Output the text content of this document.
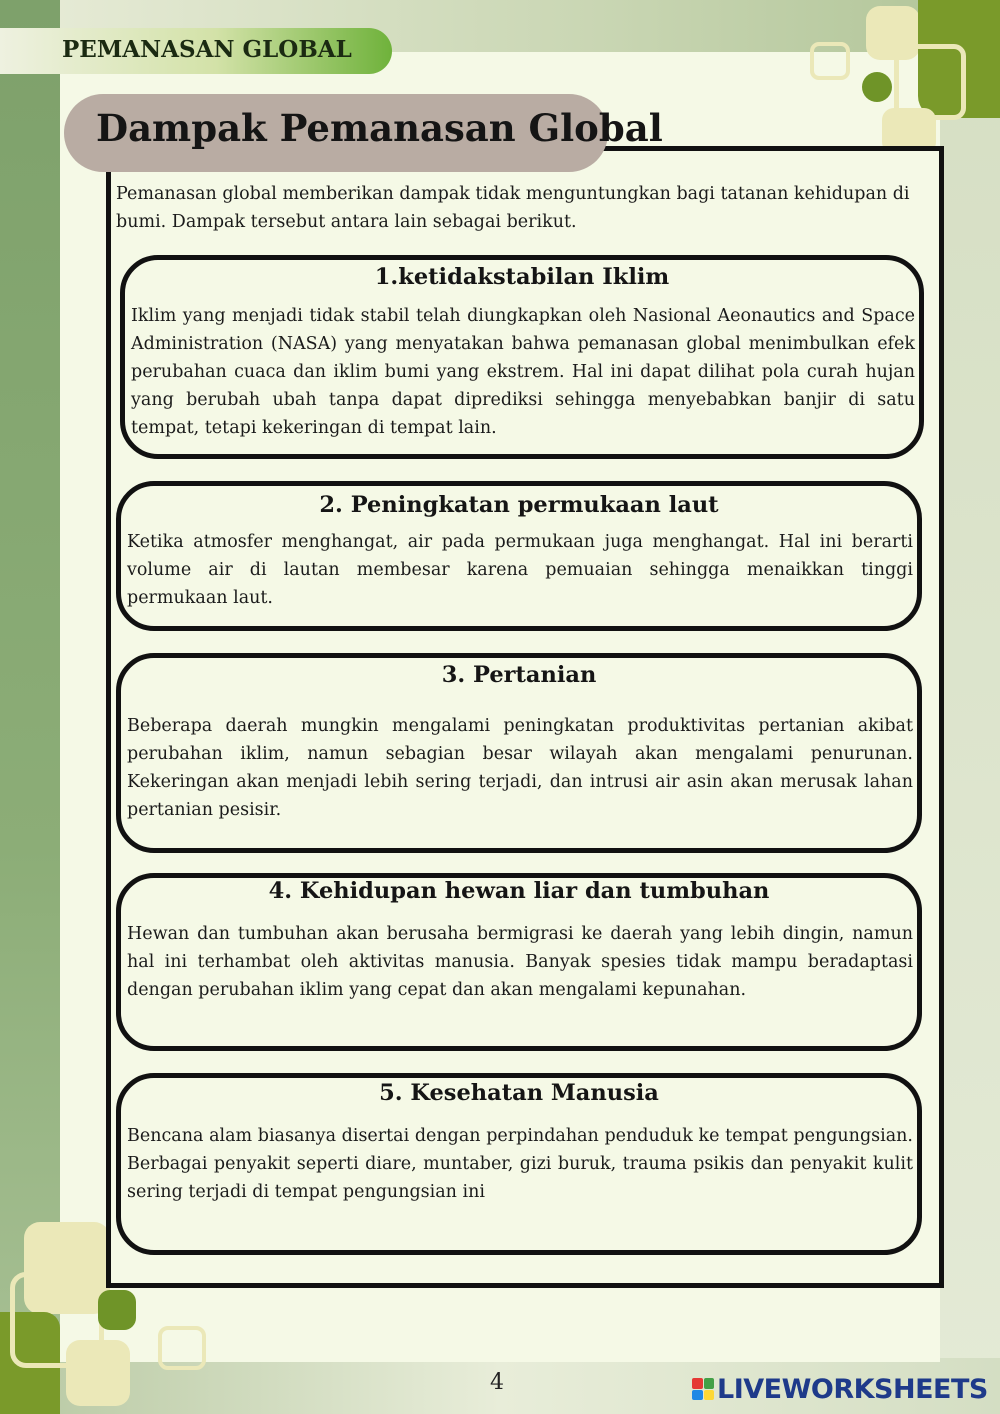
PEMANASAN GLOBAL
Dampak Pemanasan Global
Pemanasan global memberikan dampak tidak menguntungkan bagi tatanan kehidupan di bumi. Dampak tersebut antara lain sebagai berikut.
1.ketidakstabilan Iklim
Iklim yang menjadi tidak stabil telah diungkapkan oleh Nasional Aeonautics and Space Administration (NASA) yang menyatakan bahwa pemanasan global menimbulkan efek perubahan cuaca dan iklim bumi yang ekstrem. Hal ini dapat dilihat pola curah hujan yang berubah ubah tanpa dapat diprediksi sehingga menyebabkan banjir di satu tempat, tetapi kekeringan di tempat lain.
2. Peningkatan permukaan laut
Ketika atmosfer menghangat, air pada permukaan juga menghangat. Hal ini berarti volume air di lautan membesar karena pemuaian sehingga menaikkan tinggi permukaan laut.
3. Pertanian
Beberapa daerah mungkin mengalami peningkatan produktivitas pertanian akibat perubahan iklim, namun sebagian besar wilayah akan mengalami penurunan. Kekeringan akan menjadi lebih sering terjadi, dan intrusi air asin akan merusak lahan pertanian pesisir.
4. Kehidupan hewan liar dan tumbuhan
Hewan dan tumbuhan akan berusaha bermigrasi ke daerah yang lebih dingin, namun hal ini terhambat oleh aktivitas manusia. Banyak spesies tidak mampu beradaptasi dengan perubahan iklim yang cepat dan akan mengalami kepunahan.
5. Kesehatan Manusia
Bencana alam biasanya disertai dengan perpindahan penduduk ke tempat pengungsian. Berbagai penyakit seperti diare, muntaber, gizi buruk, trauma psikis dan penyakit kulit sering terjadi di tempat pengungsian ini
4	LIVEWORKSHEETS
